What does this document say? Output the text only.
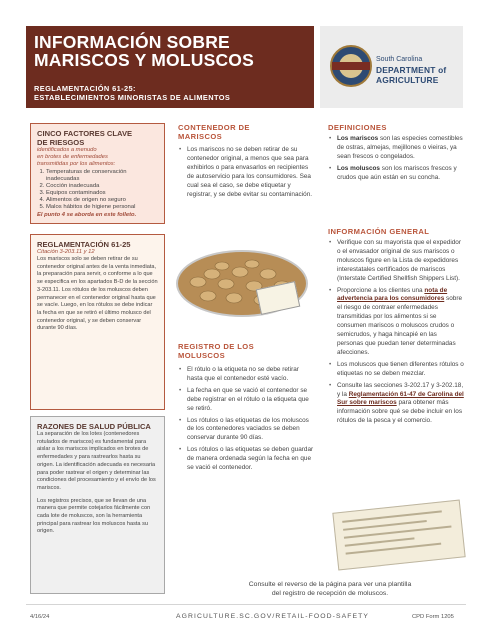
INFORMACIÓN SOBRE
MARISCOS Y MOLUSCOS
REGLAMENTACIÓN 61-25:
ESTABLECIMIENTOS MINORISTAS DE ALIMENTOS
South Carolina
DEPARTMENT of
AGRICULTURE
CINCO FACTORES CLAVE
DE RIESGOS
identificados a menudo
en brotes de enfermedades
transmitidas por los alimentos:
1. Temperaturas de conservación inadecuadas
2. Cocción inadecuada
3. Equipos contaminados
4. Alimentos de origen no seguro
5. Malos hábitos de higiene personal
El punto 4 se aborda en este folleto.
REGLAMENTACIÓN 61-25
Citación 3-203.11 y 12
Los mariscos solo se deben retirar de su contenedor original antes de la venta inmediata, la preparación para servir, o conforme a lo que se especifica en los apartados B-D de la sección 3-203.11. Los rótulos de los moluscos deben permanecer en el contenedor original hasta que se vacíe. Luego, en los rótulos se debe indicar la fecha en que se retiró el último molusco del contenedor original, y se deben conservar durante 90 días.
RAZONES DE SALUD PÚBLICA
La separación de los lotes (contenedores rotulados de mariscos) es fundamental para aislar a los mariscos implicados en brotes de enfermedades y para rastrearlos hasta su origen. La identificación adecuada es necesaria para poder rastrear el origen y determinar las condiciones del procesamiento y el envío de los mariscos.
Los registros precisos, que se llevan de una manera que permite cotejarlos fácilmente con cada lote de moluscos, son la herramienta principal para rastrear los moluscos hasta su origen.
CONTENEDOR DE
MARISCOS
• Los mariscos no se deben retirar de su contenedor original, a menos que sea para exhibirlos o para envasarlos en recipientes de autoservicio para los consumidores. Sea cual sea el caso, se debe etiquetar y registrar, y se debe evitar su contaminación.
REGISTRO DE LOS
MOLUSCOS
• El rótulo o la etiqueta no se debe retirar hasta que el contenedor esté vacío.
• La fecha en que se vació el contenedor se debe registrar en el rótulo o la etiqueta que se retiró.
• Los rótulos o las etiquetas de los moluscos de los contenedores vaciados se deben conservar durante 90 días.
• Los rótulos o las etiquetas se deben guardar de manera ordenada según la fecha en que se vació el contenedor.
DEFINICIONES
• Los mariscos son las especies comestibles de ostras, almejas, mejillones o vieiras, ya sean frescos o congelados.
• Los moluscos son los mariscos frescos y crudos que aún están en su concha.
INFORMACIÓN GENERAL
• Verifique con su mayorista que el expedidor o el envasador original de sus mariscos o moluscos figure en la Lista de expedidores interestatales certificados de mariscos (Interstate Certified Shellfish Shippers List).
• Proporcione a los clientes una nota de advertencia para los consumidores sobre el riesgo de contraer enfermedades transmitidas por los alimentos si se consumen mariscos o moluscos crudos o semicrudos, y haga hincapié en las personas que puedan tener determinadas afecciones.
• Los moluscos que tienen diferentes rótulos o etiquetas no se deben mezclar.
• Consulte las secciones 3-202.17 y 3-202.18, y la Reglamentación 61-47 de Carolina del Sur sobre mariscos para obtener más información sobre qué se debe incluir en los rótulos de la pesca y el comercio.
Consulte el reverso de la página para ver una plantilla
del registro de recepción de moluscos.
4/16/24	AGRICULTURE.SC.GOV/RETAIL-FOOD-SAFETY	CPD Form 1205
